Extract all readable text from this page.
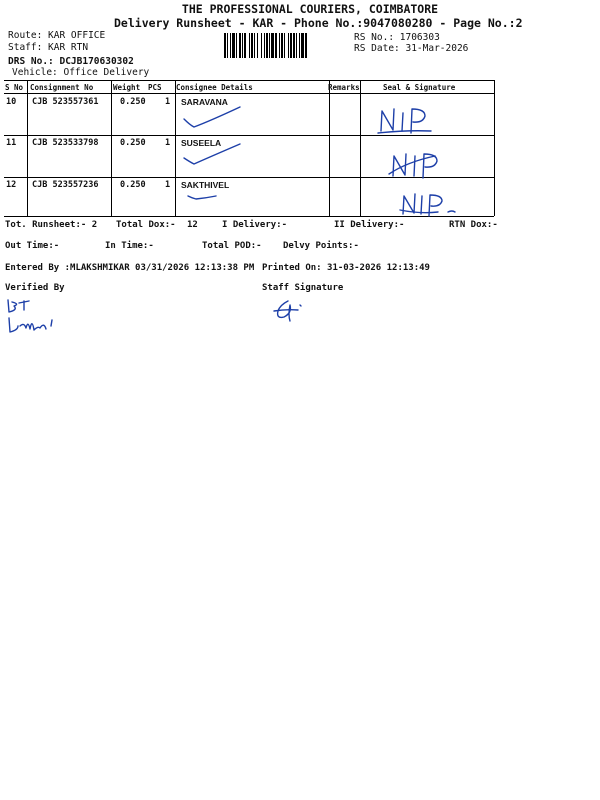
THE PROFESSIONAL COURIERS, COIMBATORE
Delivery Runsheet - KAR - Phone No.:9047080280 - Page No.:2
Route: KAR OFFICE
Staff: KAR RTN
DRS No.: DCJB170630302
Vehicle: Office Delivery
RS No.: 1706303
RS Date: 31-Mar-2026
S No Consignment No	Weight PCS Consignee Details	Remarks	Seal & Signature
10 CJB 523557361	0.250 1 SARAVANA
11 CJB 523533798	0.250 1 SUSEELA
12 CJB 523557236	0.250 1 SAKTHIVEL
Tot. Runsheet:- 2 Total Dox:- 12	I Delivery:-	II Delivery:-	RTN Dox:-
Out Time:-	In Time:-	Total POD:- Delvy Points:-
Entered By :MLAKSHMIKAR 03/31/2026 12:13:38 PM Printed On: 31-03-2026 12:13:49
Verified By	Staff Signature
